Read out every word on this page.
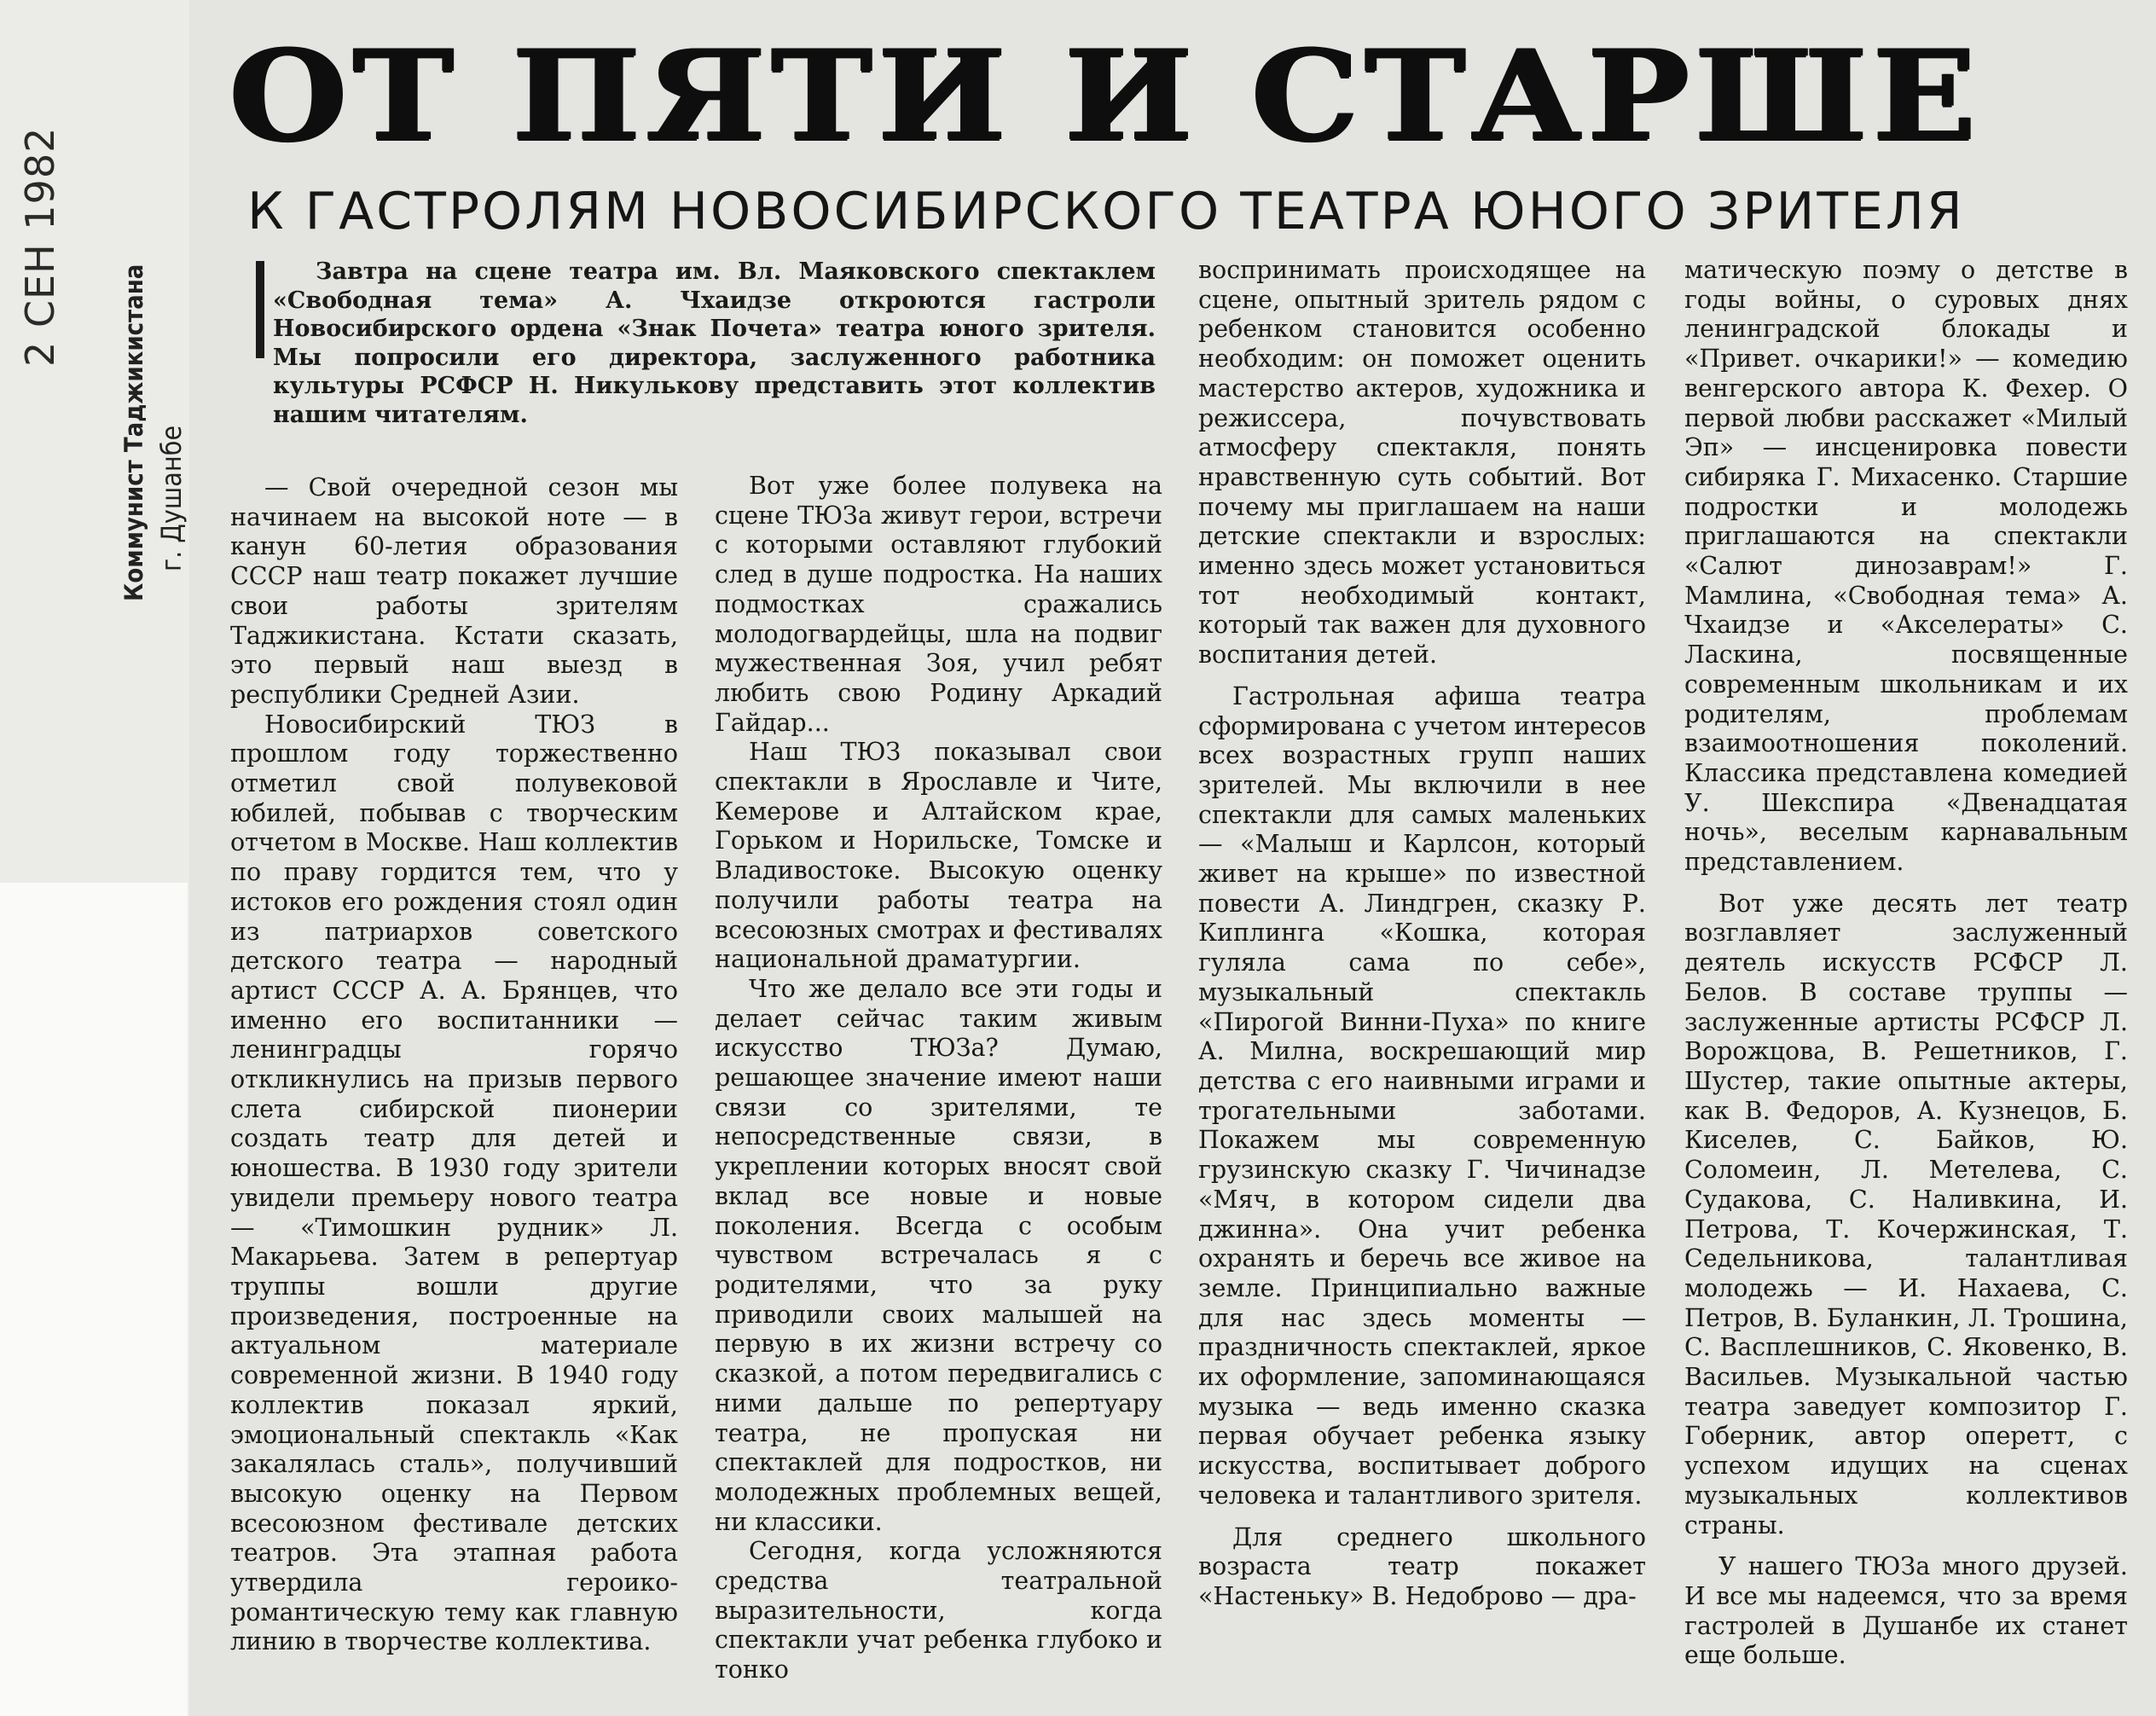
2 СЕН 1982
Коммунист Таджикистана г. Душанбе
ОТ ПЯТИ И СТАРШЕ
К ГАСТРОЛЯМ НОВОСИБИРСКОГО ТЕАТРА ЮНОГО ЗРИТЕЛЯ
Завтра на сцене театра им. Вл. Маяковского спектаклем «Свободная тема» А. Чхаидзе откроются гастроли Новосибирского ордена «Знак Почета» театра юного зрителя. Мы попросили его директора, заслуженного работника культуры РСФСР Н. Никулькову представить этот коллектив нашим читателям.

— Свой очередной сезон мы начинаем на высокой ноте — в канун 60-летия образования СССР наш театр покажет лучшие свои работы зрителям Таджикистана. Кстати сказать, это первый наш выезд в республики Средней Азии.

Новосибирский ТЮЗ в прошлом году торжественно отметил свой полувековой юбилей, побывав с творческим отчетом в Москве. Наш коллектив по праву гордится тем, что у истоков его рождения стоял один из патриархов советского детского театра — народный артист СССР А. А. Брянцев, что именно его воспитанники — ленинградцы горячо откликнулись на призыв первого слета сибирской пионерии создать театр для детей и юношества. В 1930 году зрители увидели премьеру нового театра — «Тимошкин рудник» Л. Макарьева. Затем в репертуар труппы вошли другие произведения, построенные на актуальном материале современной жизни. В 1940 году коллектив показал яркий, эмоциональный спектакль «Как закалялась сталь», получивший высокую оценку на Первом всесоюзном фестивале детских театров. Эта этапная работа утвердила героико-романтическую тему как главную линию в творчестве коллектива.

Вот уже более полувека на сцене ТЮЗа живут герои, встречи с которыми оставляют глубокий след в душе подростка. На наших подмостках сражались молодогвардейцы, шла на подвиг мужественная Зоя, учил ребят любить свою Родину Аркадий Гайдар...

Наш ТЮЗ показывал свои спектакли в Ярославле и Чите, Кемерове и Алтайском крае, Горьком и Норильске, Томске и Владивостоке. Высокую оценку получили работы театра на всесоюзных смотрах и фестивалях национальной драматургии.

Что же делало все эти годы и делает сейчас таким живым искусство ТЮЗа? Думаю, решающее значение имеют наши связи со зрителями, те непосредственные связи, в укреплении которых вносят свой вклад все новые и новые поколения. Всегда с особым чувством встречалась я с родителями, что за руку приводили своих малышей на первую в их жизни встречу со сказкой, а потом передвигались с ними дальше по репертуару театра, не пропуская ни спектаклей для подростков, ни молодежных проблемных вещей, ни классики.

Сегодня, когда усложняются средства театральной выразительности, когда спектакли учат ребенка глубоко и тонко

воспринимать происходящее на сцене, опытный зритель рядом с ребенком становится особенно необходим: он поможет оценить мастерство актеров, художника и режиссера, почувствовать атмосферу спектакля, понять нравственную суть событий. Вот почему мы приглашаем на наши детские спектакли и взрослых: именно здесь может установиться тот необходимый контакт, который так важен для духовного воспитания детей.

Гастрольная афиша театра сформирована с учетом интересов всех возрастных групп наших зрителей. Мы включили в нее спектакли для самых маленьких — «Малыш и Карлсон, который живет на крыше» по известной повести А. Линдгрен, сказку Р. Киплинга «Кошка, которая гуляла сама по себе», музыкальный спектакль «Пирогой Винни-Пуха» по книге А. Милна, воскрешающий мир детства с его наивными играми и трогательными заботами. Покажем мы современную грузинскую сказку Г. Чичинадзе «Мяч, в котором сидели два джинна». Она учит ребенка охранять и беречь все живое на земле. Принципиально важные для нас здесь моменты — праздничность спектаклей, яркое их оформление, запоминающаяся музыка — ведь именно сказка первая обучает ребенка языку искусства, воспитывает доброго человека и талантливого зрителя.

Для среднего школьного возраста театр покажет «Настеньку» В. Недоброво — дра-

матическую поэму о детстве в годы войны, о суровых днях ленинградской блокады и «Привет. очкарики!» — комедию венгерского автора К. Фехер. О первой любви расскажет «Милый Эп» — инсценировка повести сибиряка Г. Михасенко. Старшие подростки и молодежь приглашаются на спектакли «Салют динозаврам!» Г. Мамлина, «Свободная тема» А. Чхаидзе и «Акселераты» С. Ласкина, посвященные современным школьникам и их родителям, проблемам взаимоотношения поколений. Классика представлена комедией У. Шекспира «Двенадцатая ночь», веселым карнавальным представлением.

Вот уже десять лет театр возглавляет заслуженный деятель искусств РСФСР Л. Белов. В составе труппы — заслуженные артисты РСФСР Л. Ворожцова, В. Решетников, Г. Шустер, такие опытные актеры, как В. Федоров, А. Кузнецов, Б. Киселев, С. Байков, Ю. Соломеин, Л. Метелева, С. Судакова, С. Наливкина, И. Петрова, Т. Кочержинская, Т. Седельникова, талантливая молодежь — И. Нахаева, С. Петров, В. Буланкин, Л. Трошина, С. Васплешников, С. Яковенко, В. Васильев. Музыкальной частью театра заведует композитор Г. Гоберник, автор оперетт, с успехом идущих на сценах музыкальных коллективов страны.

У нашего ТЮЗа много друзей. И все мы надеемся, что за время гастролей в Душанбе их станет еще больше.
